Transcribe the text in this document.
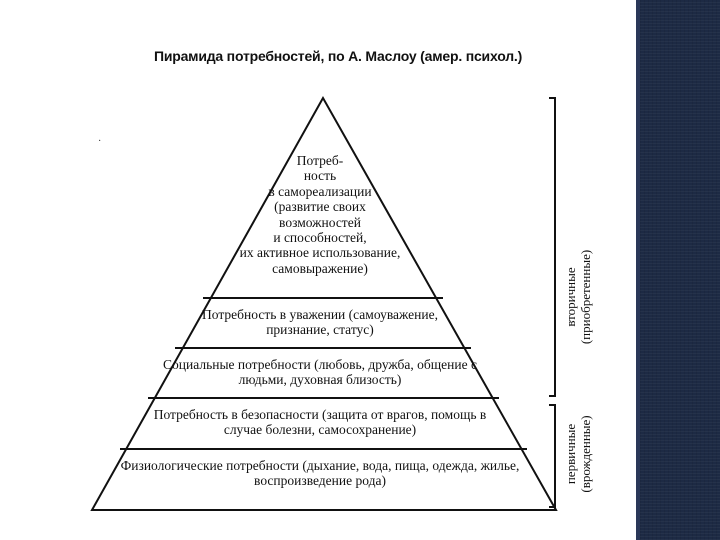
Пирамида потребностей, по А. Маслоу (амер. психол.)
·
Потреб-
ность
в самореализации
(развитие своих
возможностей
и способностей,
их активное использование,
самовыражение)
Потребность в уважении (самоуважение, признание, статус)
Социальные потребности (любовь, дружба, общение с людьми, духовная близость)
Потребность в безопасности (защита от врагов, помощь в случае болезни, самосохранение)
Физиологические потребности (дыхание, вода, пища, одежда, жилье, воспроизведение рода)
вторичные (приобретенные)
первичные (врожденные)
